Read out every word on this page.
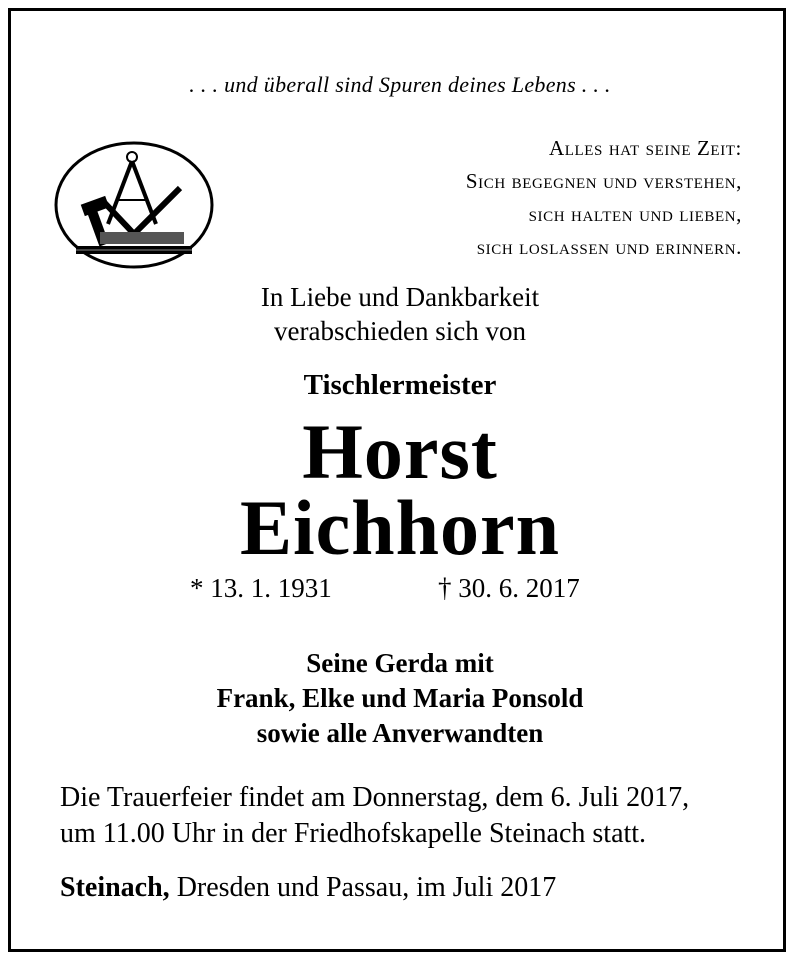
. . . und überall sind Spuren deines Lebens . . .
Alles hat seine Zeit:
Sich begegnen und verstehen,
sich halten und lieben,
sich loslassen und erinnern.
In Liebe und Dankbarkeit
verabschieden sich von
Tischlermeister
Horst
Eichhorn
* 13. 1. 1931	† 30. 6. 2017
Seine Gerda mit
Frank, Elke und Maria Ponsold
sowie alle Anverwandten
Die Trauerfeier findet am Donnerstag, dem 6. Juli 2017,
um 11.00 Uhr in der Friedhofskapelle Steinach statt.
Steinach, Dresden und Passau, im Juli 2017
